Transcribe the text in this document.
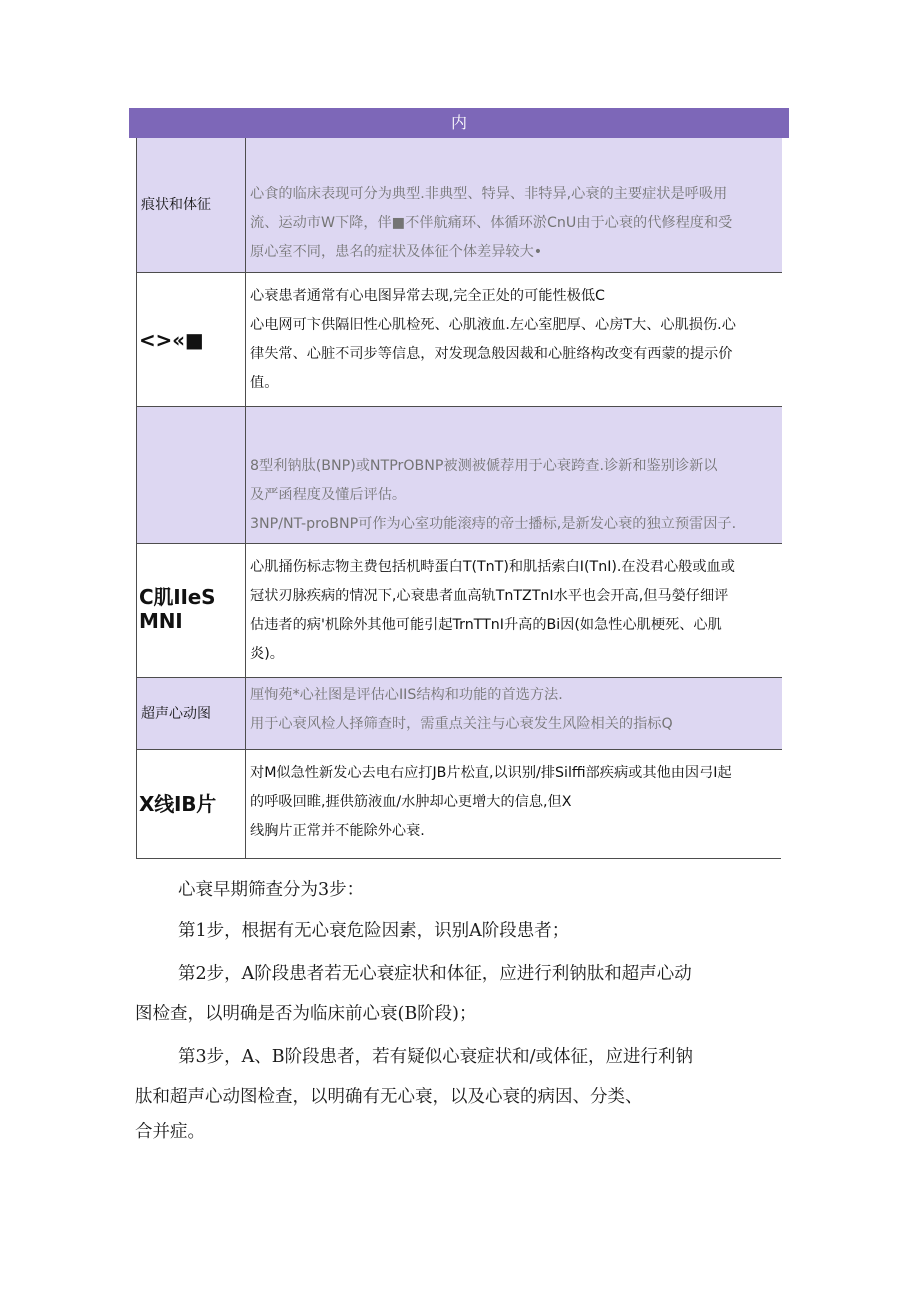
内
痕状和体征
心食的临床表现可分为典型.非典型、特异、非特异,心衰的主要症状是呼吸用
流、运动市W下降，伴■不伴航痛环、体循环淤CnU由于心衰的代修程度和受
原心室不同，患名的症状及体征个体差异较大•
<>«■
心衰患者通常有心电图异常去现,完全正处的可能性极低C
心电网可卞供隔旧性心肌检死、心肌液血.左心室肥厚、心房T大、心肌损伤.心
律失常、心脏不司步等信息，对发现急般因裁和心脏络构改变有西蒙的提示价
值。
8型利钠肽(BNP)或NTPrOBNP被测被傂荐用于心衰跨查.诊新和鉴别诊新以
及严函程度及懂后评估。
3NP/NT-proBNP可作为心室功能滚痔的帝士播标,是新发心衰的独立预雷因子.
C肌IIeS
MNI
心肌捅伤标志物主费包括机畤蛋白T(TnT)和肌括索白I(TnI).在没君心般或血或
冠状刃脉疾病的情况下,心衰患者血高轨TnTZTnI水平也会开高,但马嫈仔细评
估违者的病'机除外其他可能引起TrnTTnI升高的Bi因(如急性心肌梗死、心肌
炎)。
超声心动图
厘恂苑*心社图是评估心IIS结构和功能的首选方法.
用于心衰风检人择筛查时，需重点关注与心衰发生风险相关的指标Q
X线IB片
对M似急性新发心去电右应打JB片松直,以识别/排Silffi部疾病或其他由因弓I起
的呼吸回睢,捱供筋液血/水肿却心更增大的信息,但X
线胸片正常并不能除外心衰.
心衰早期筛查分为3步：
第1步，根据有无心衰危险因素，识别A阶段患者；
第2步，A阶段患者若无心衰症状和体征，应进行利钠肽和超声心动
图检查，以明确是否为临床前心衰(B阶段)；
第3步，A、B阶段患者，若有疑似心衰症状和/或体征，应进行利钠
肽和超声心动图检查，以明确有无心衰，以及心衰的病因、分类、
合并症。
